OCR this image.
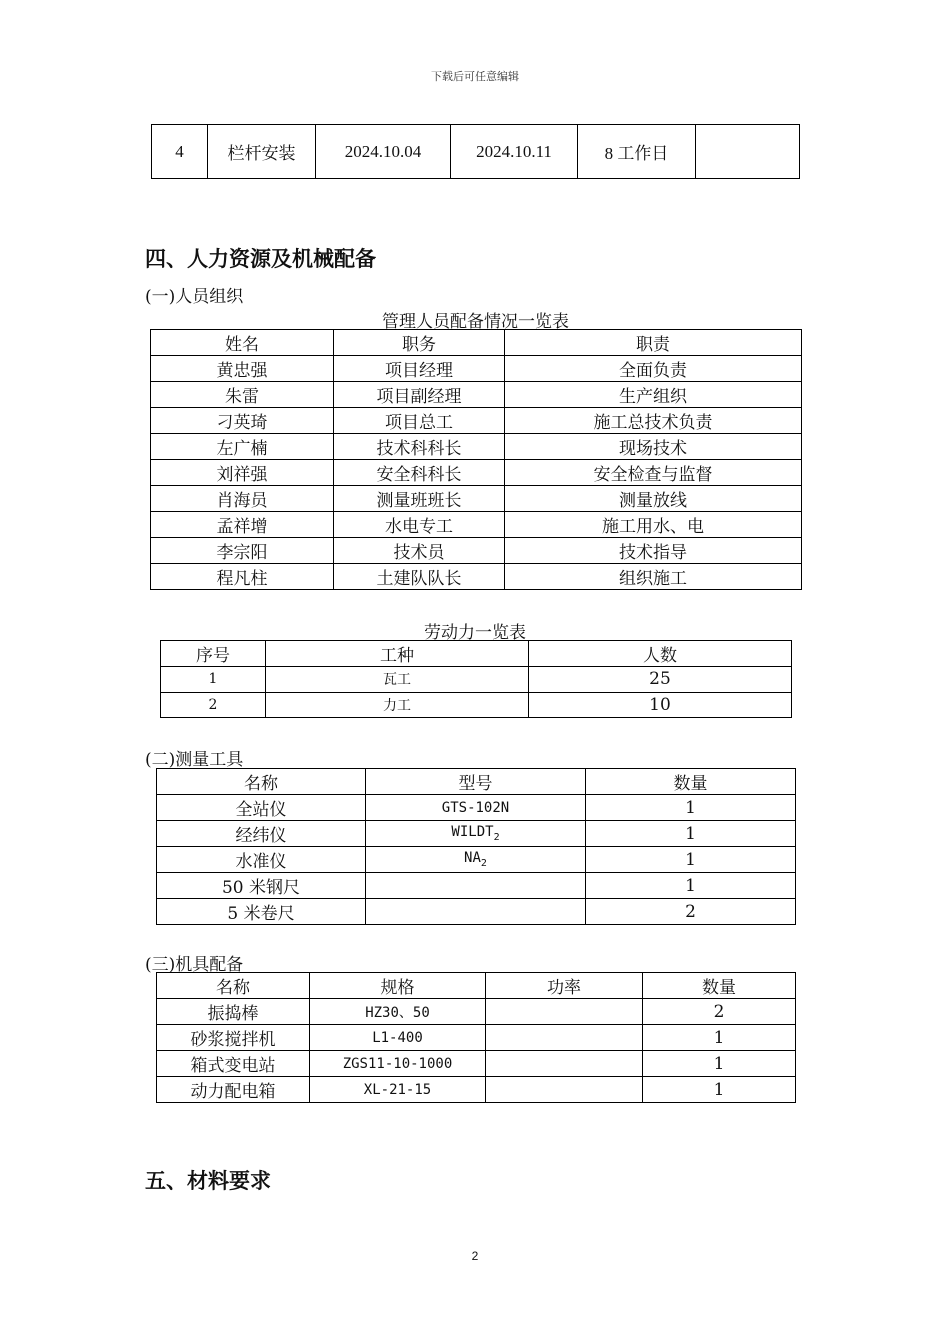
下载后可任意编辑
4	栏杆安装	2024.10.04	2024.10.11	8 工作日	
四、人力资源及机械配备
(一)人员组织
管理人员配备情况一览表
姓名	职务	职责
黄忠强	项目经理	全面负责
朱雷	项目副经理	生产组织
刁英琦	项目总工	施工总技术负责
左广楠	技术科科长	现场技术
刘祥强	安全科科长	安全检查与监督
肖海员	测量班班长	测量放线
孟祥增	水电专工	施工用水、电
李宗阳	技术员	技术指导
程凡柱	土建队队长	组织施工
劳动力一览表
序号	工种	人数
1	瓦工	25
2	力工	10
(二)测量工具
名称	型号	数量
全站仪	GTS-102N	1
经纬仪	$WILDT_2$	1
水准仪	$NA_2$	1
50 米钢尺		1
5 米卷尺		2
(三)机具配备
名称	规格	功率	数量
振捣棒	HZ30、50		2
砂浆搅拌机	L1-400		1
箱式变电站	ZGS11-10-1000		1
动力配电箱	XL-21-15		1
五、材料要求
2
